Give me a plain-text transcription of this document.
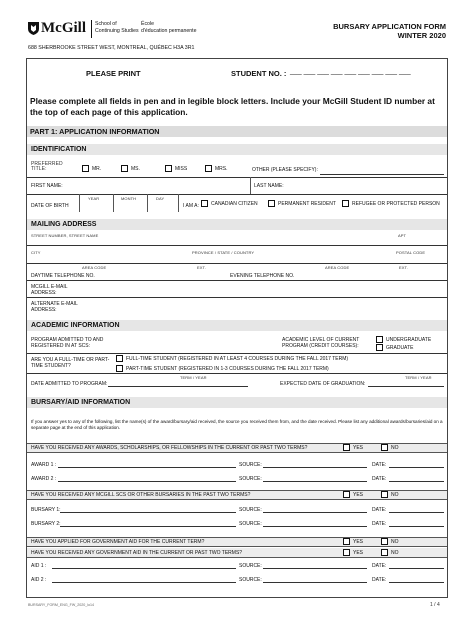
McGill School of
Continuing Studies
École
d'éducation permanente
688 SHERBROOKE STREET WEST, MONTREAL, QUÉBEC H3A 3R1
BURSARY APPLICATION FORM
WINTER 2020
PLEASE PRINT	STUDENT NO. : ___ ___ ___ ___ ___ ___ ___ ___ ___
Please complete all fields in pen and in legible block letters. Include your McGill Student ID number at the top of each page of this application.
PART 1: APPLICATION INFORMATION
IDENTIFICATION
PREFERRED TITLE:	MR.	MS.	MISS	MRS.	OTHER (PLEASE SPECIFY):
FIRST NAME:	LAST NAME:
YEAR	MONTH	DAY
DATE OF BIRTH	I AM A: CANADIAN CITIZEN	PERMANENT RESIDENT	REFUGEE OR PROTECTED PERSON
MAILING ADDRESS
STREET NUMBER, STREET NAME	APT
CITY	PROVINCE / STATE / COUNTRY	POSTAL CODE
AREA CODE	EXT.	AREA CODE	EXT.
DAYTIME TELEPHONE NO.	EVENING TELEPHONE NO.
MCGILL E-MAIL ADDRESS:
ALTERNATE E-MAIL ADDRESS:
ACADEMIC INFORMATION
PROGRAM ADMITTED TO AND REGISTERED IN AT SCS:
ACADEMIC LEVEL OF CURRENT PROGRAM (CREDIT COURSES):
UNDERGRADUATE
GRADUATE
ARE YOU A FULL-TIME OR PART-TIME STUDENT?
FULL-TIME STUDENT (REGISTERED IN AT LEAST 4 COURSES DURING THE FALL 2017 TERM)
PART-TIME STUDENT (REGISTERED IN 1-3 COURSES DURING THE FALL 2017 TERM)
TERM / YEAR	TERM / YEAR
DATE ADMITTED TO PROGRAM:	EXPECTED DATE OF GRADUATION:
BURSARY/AID INFORMATION
If you answer yes to any of the following, list the name(s) of the award/bursary/aid received, the source you received them from, and the date received. Please list any additional awards/bursaries/aid on a separate page at the end of this application.
HAVE YOU RECEIVED ANY AWARDS, SCHOLARSHIPS, OR FELLOWSHIPS IN THE CURRENT OR PAST TWO TERMS?	YES	NO
AWARD 1 :	SOURCE:	DATE:
AWARD 2 :	SOURCE:	DATE:
HAVE YOU RECEIVED ANY MCGILL SCS OR OTHER BURSARIES IN THE PAST TWO TERMS?	YES	NO
BURSARY 1:	SOURCE:	DATE:
BURSARY 2:	SOURCE:	DATE:
HAVE YOU APPLIED FOR GOVERNMENT AID FOR THE CURRENT TERM?	YES	NO
HAVE YOU RECEIVED ANY GOVERNMENT AID IN THE CURRENT OR PAST TWO TERMS?	YES	NO
AID 1 :	SOURCE:	DATE:
AID 2 :	SOURCE:	DATE:
BURSARY_FORM_ENG_FW_2020_lo14	1 / 4
